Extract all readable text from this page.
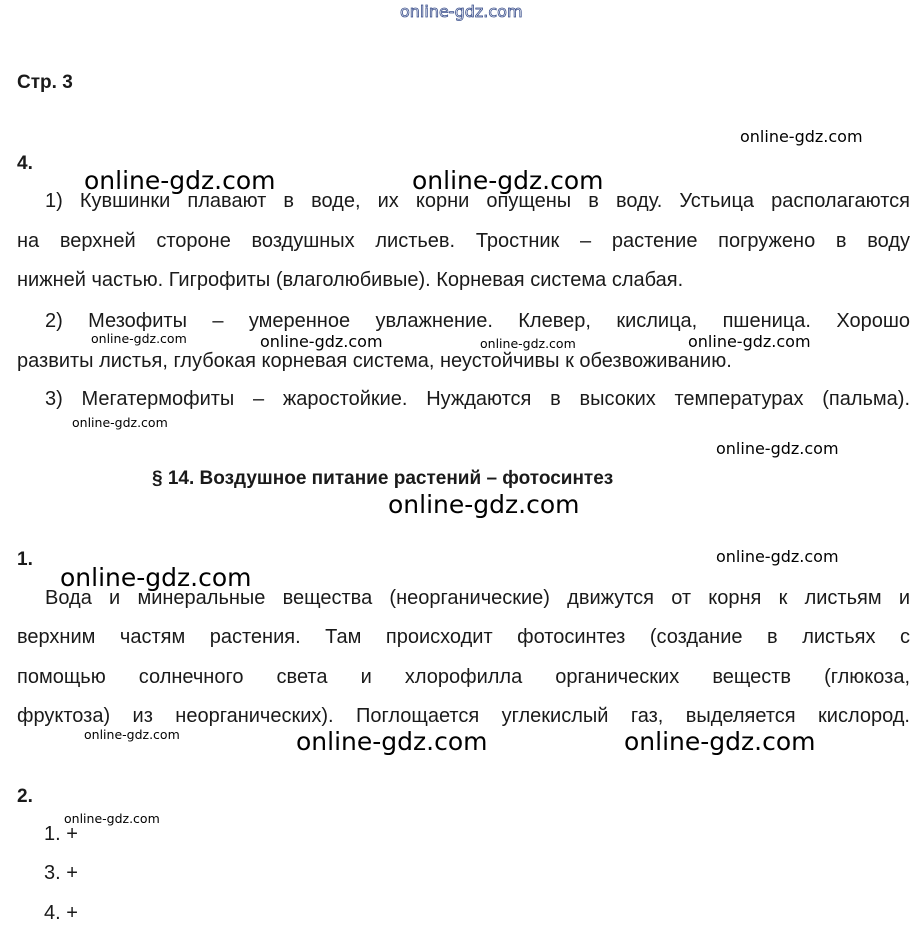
online-gdz.com
Стр. 3
online-gdz.com
4.
online-gdz.com	online-gdz.com
1) Кувшинки плавают в воде, их корни опущены в воду. Устьица располагаются
на верхней стороне воздушных листьев. Тростник – растение погружено в воду
нижней частью. Гигрофиты (влаголюбивые). Корневая система слабая.
2) Мезофиты – умеренное увлажнение. Клевер, кислица, пшеница. Хорошо
online-gdz.com	online-gdz.com	online-gdz.com	online-gdz.com
развиты листья, глубокая корневая система, неустойчивы к обезвоживанию.
3) Мегатермофиты – жаростойкие. Нуждаются в высоких температурах (пальма).
online-gdz.com
online-gdz.com
§ 14. Воздушное питание растений – фотосинтез
online-gdz.com
1.	online-gdz.com
online-gdz.com
Вода и минеральные вещества (неорганические) движутся от корня к листьям и
верхним частям растения. Там происходит фотосинтез (создание в листьях с
помощью солнечного света и хлорофилла органических веществ (глюкоза,
фруктоза) из неорганических). Поглощается углекислый газ, выделяется кислород.
online-gdz.com	online-gdz.com	online-gdz.com
2.
online-gdz.com
1. +
3. +
4. +
